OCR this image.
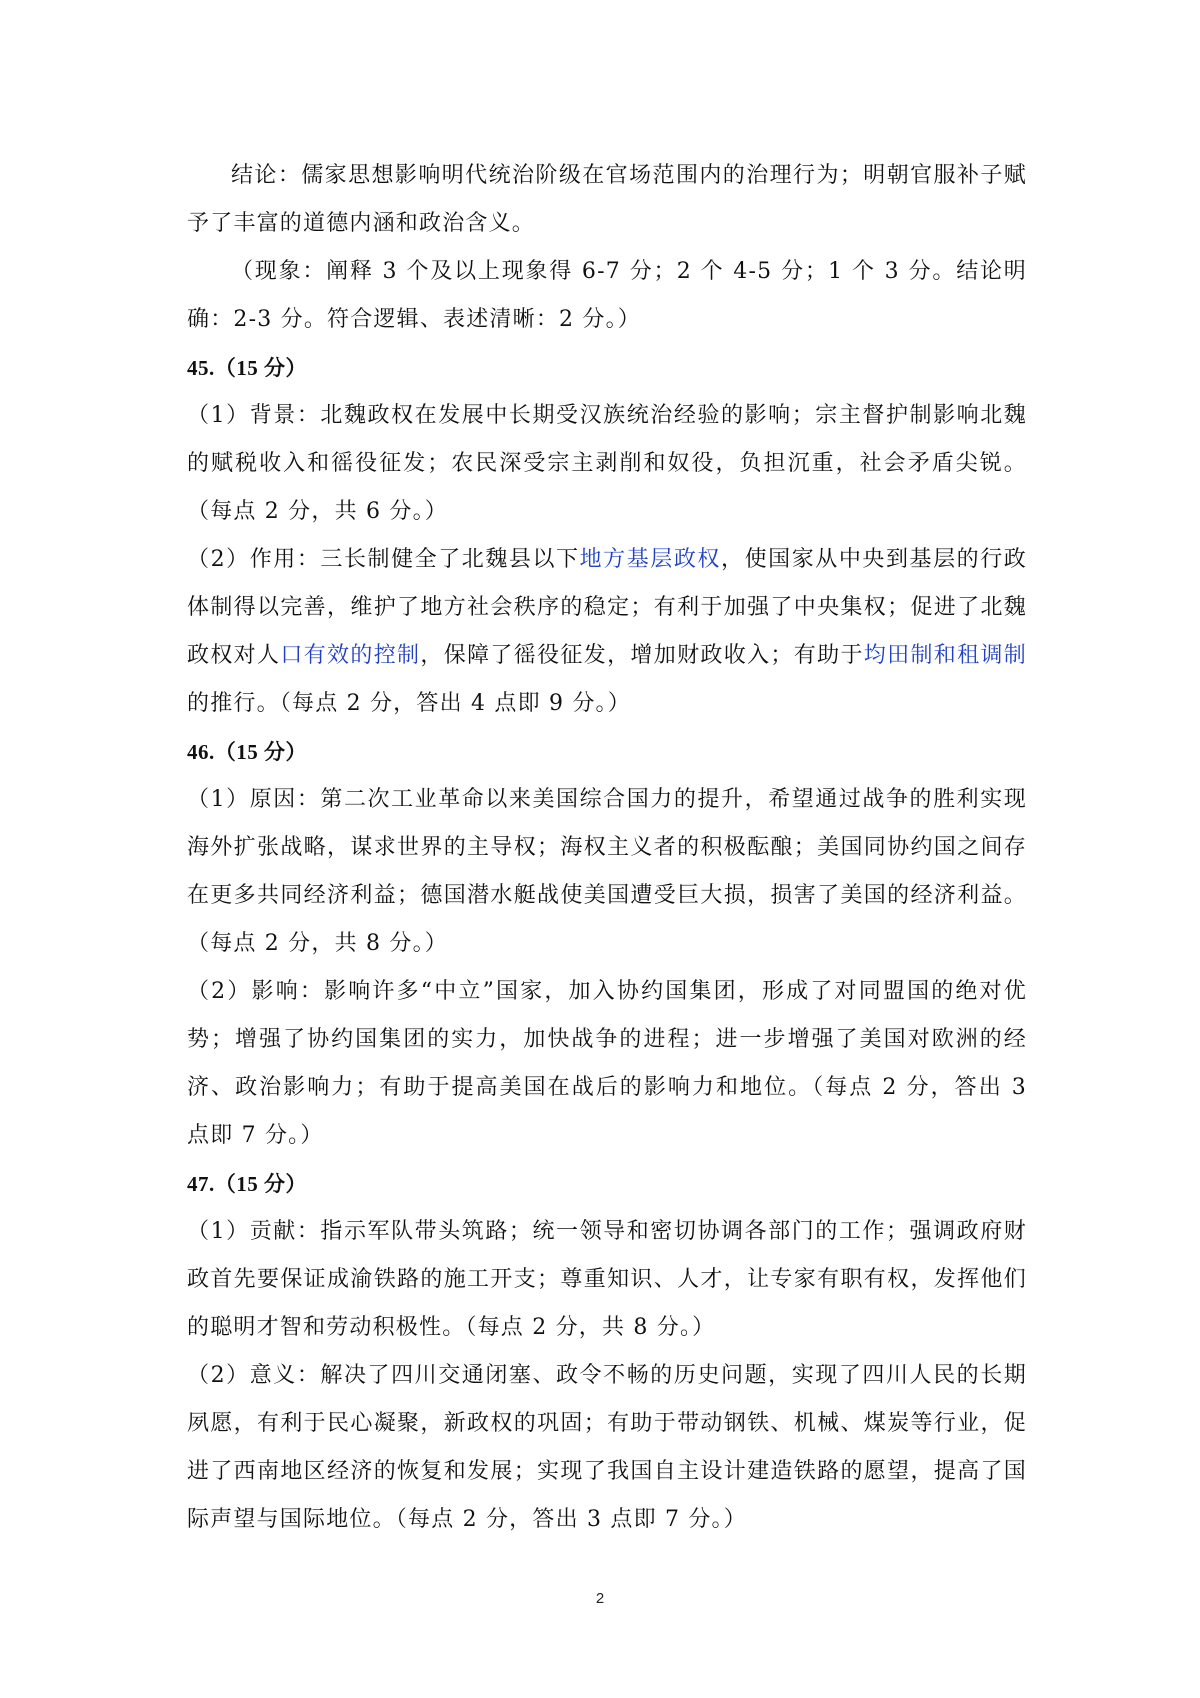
结论：儒家思想影响明代统治阶级在官场范围内的治理行为；明朝官服补子赋予了丰富的道德内涵和政治含义。

（现象：阐释 3 个及以上现象得 6-7 分；2 个 4-5 分；1 个 3 分。结论明确：2-3 分。符合逻辑、表述清晰：2 分。）

45.（15 分）

（1）背景：北魏政权在发展中长期受汉族统治经验的影响；宗主督护制影响北魏的赋税收入和徭役征发；农民深受宗主剥削和奴役，负担沉重，社会矛盾尖锐。（每点 2 分，共 6 分。）

（2）作用：三长制健全了北魏县以下地方基层政权，使国家从中央到基层的行政体制得以完善，维护了地方社会秩序的稳定；有利于加强了中央集权；促进了北魏政权对人口有效的控制，保障了徭役征发，增加财政收入；有助于均田制和租调制的推行。（每点 2 分，答出 4 点即 9 分。）

46.（15 分）

（1）原因：第二次工业革命以来美国综合国力的提升，希望通过战争的胜利实现海外扩张战略，谋求世界的主导权；海权主义者的积极酝酿；美国同协约国之间存在更多共同经济利益；德国潜水艇战使美国遭受巨大损，损害了美国的经济利益。（每点 2 分，共 8 分。）

（2）影响：影响许多“中立”国家，加入协约国集团，形成了对同盟国的绝对优势；增强了协约国集团的实力，加快战争的进程；进一步增强了美国对欧洲的经济、政治影响力；有助于提高美国在战后的影响力和地位。（每点 2 分，答出 3 点即 7 分。）

47.（15 分）

（1）贡献：指示军队带头筑路；统一领导和密切协调各部门的工作；强调政府财政首先要保证成渝铁路的施工开支；尊重知识、人才，让专家有职有权，发挥他们的聪明才智和劳动积极性。（每点 2 分，共 8 分。）

（2）意义：解决了四川交通闭塞、政令不畅的历史问题，实现了四川人民的长期夙愿，有利于民心凝聚，新政权的巩固；有助于带动钢铁、机械、煤炭等行业，促进了西南地区经济的恢复和发展；实现了我国自主设计建造铁路的愿望，提高了国际声望与国际地位。（每点 2 分，答出 3 点即 7 分。）

2
